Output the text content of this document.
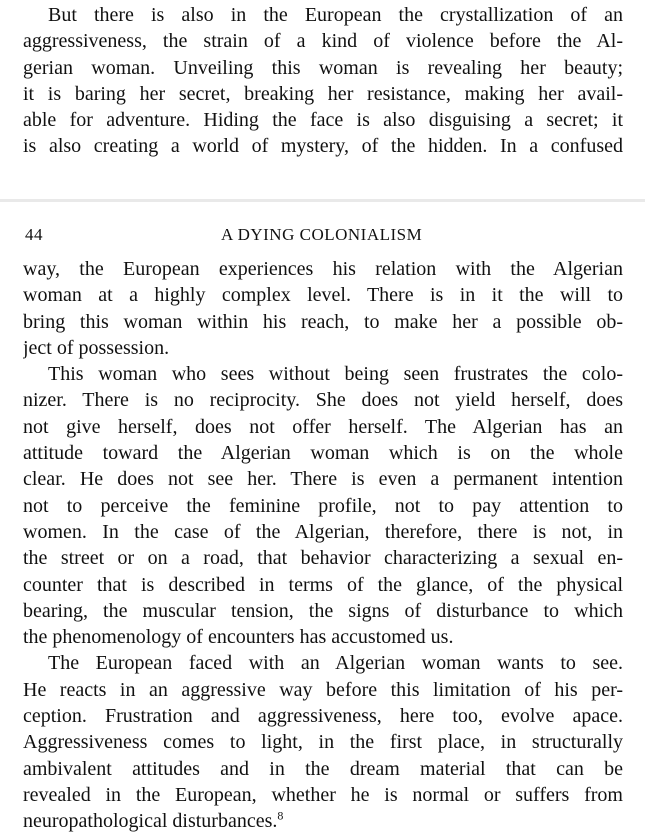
But there is also in the European the crystallization of an
aggressiveness, the strain of a kind of violence before the Al-
gerian woman. Unveiling this woman is revealing her beauty;
it is baring her secret, breaking her resistance, making her avail-
able for adventure. Hiding the face is also disguising a secret; it
is also creating a world of mystery, of the hidden. In a confused
44	A DYING COLONIALISM
way, the European experiences his relation with the Algerian
woman at a highly complex level. There is in it the will to
bring this woman within his reach, to make her a possible ob-
ject of possession.
This woman who sees without being seen frustrates the colo-
nizer. There is no reciprocity. She does not yield herself, does
not give herself, does not offer herself. The Algerian has an
attitude toward the Algerian woman which is on the whole
clear. He does not see her. There is even a permanent intention
not to perceive the feminine profile, not to pay attention to
women. In the case of the Algerian, therefore, there is not, in
the street or on a road, that behavior characterizing a sexual en-
counter that is described in terms of the glance, of the physical
bearing, the muscular tension, the signs of disturbance to which
the phenomenology of encounters has accustomed us.
The European faced with an Algerian woman wants to see.
He reacts in an aggressive way before this limitation of his per-
ception. Frustration and aggressiveness, here too, evolve apace.
Aggressiveness comes to light, in the first place, in structurally
ambivalent attitudes and in the dream material that can be
revealed in the European, whether he is normal or suffers from
neuropathological disturbances.$^8$
